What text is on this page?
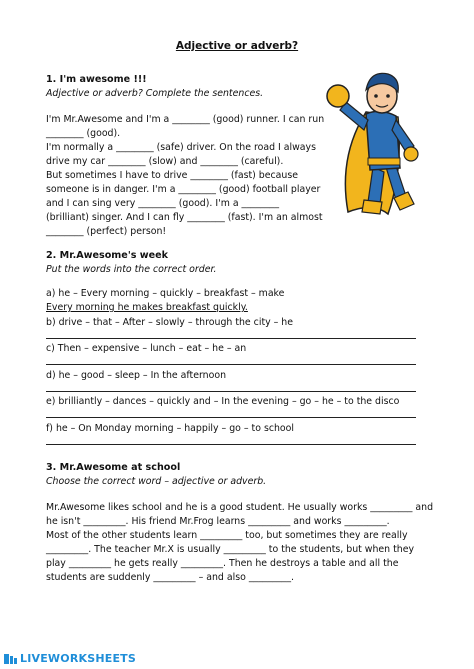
Adjective or adverb?
1. I'm awesome !!!
Adjective or adverb? Complete the sentences.
I'm Mr.Awesome and I'm a ________ (good) runner. I can run
________ (good).
I'm normally a ________ (safe) driver. On the road I always
drive my car ________ (slow) and ________ (careful).
But sometimes I have to drive ________ (fast) because
someone is in danger. I'm a ________ (good) football player
and I can sing very ________ (good). I'm a ________
(brilliant) singer. And I can fly ________ (fast). I'm an almost
________ (perfect) person!
2. Mr.Awesome's week
Put the words into the correct order.
a) he – Every morning – quickly – breakfast – make
Every morning he makes breakfast quickly.
b) drive – that – After – slowly – through the city – he
c) Then – expensive – lunch – eat – he – an
d) he – good – sleep – In the afternoon
e) brilliantly – dances – quickly and – In the evening – go – he – to the disco
f) he – On Monday morning – happily – go – to school
3. Mr.Awesome at school
Choose the correct word – adjective or adverb.
Mr.Awesome likes school and he is a good student. He usually works _________ and
he isn't _________. His friend Mr.Frog learns _________ and works _________.
Most of the other students learn _________ too, but sometimes they are really
_________. The teacher Mr.X is usually _________ to the students, but when they
play _________ he gets really _________. Then he destroys a table and all the
students are suddenly _________ – and also _________.
LIVEWORKSHEETS
